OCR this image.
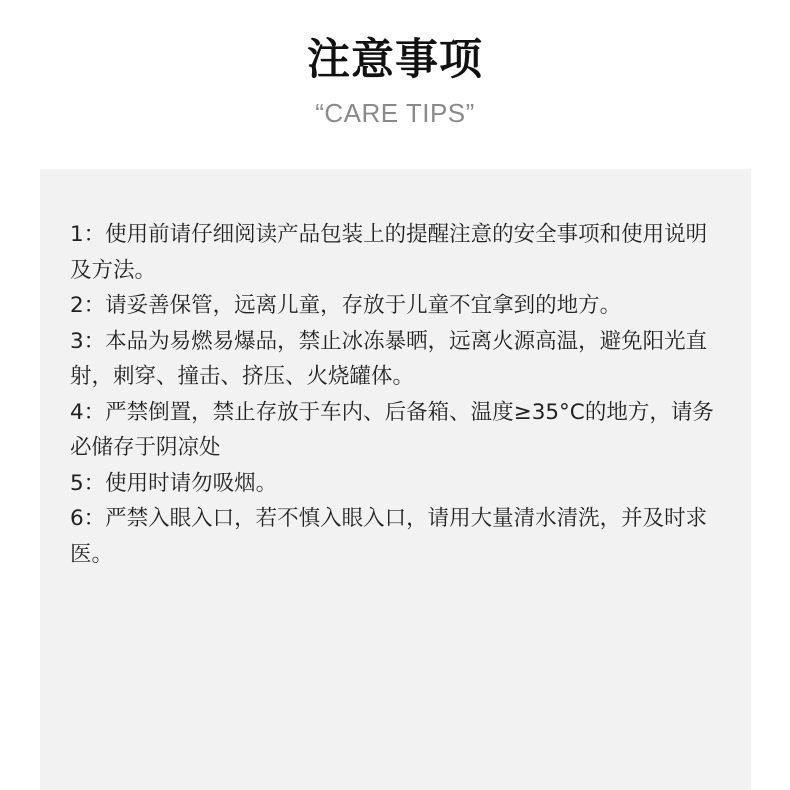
注意事项
“CARE TIPS”
1：使用前请仔细阅读产品包装上的提醒注意的安全事项和使用说明及方法。
2：请妥善保管，远离儿童，存放于儿童不宜拿到的地方。
3：本品为易燃易爆品，禁止冰冻暴晒，远离火源高温，避免阳光直射，刺穿、撞击、挤压、火烧罐体。
4：严禁倒置，禁止存放于车内、后备箱、温度≥35°C的地方，请务必储存于阴凉处
5：使用时请勿吸烟。
6：严禁入眼入口，若不慎入眼入口，请用大量清水清洗，并及时求医。
